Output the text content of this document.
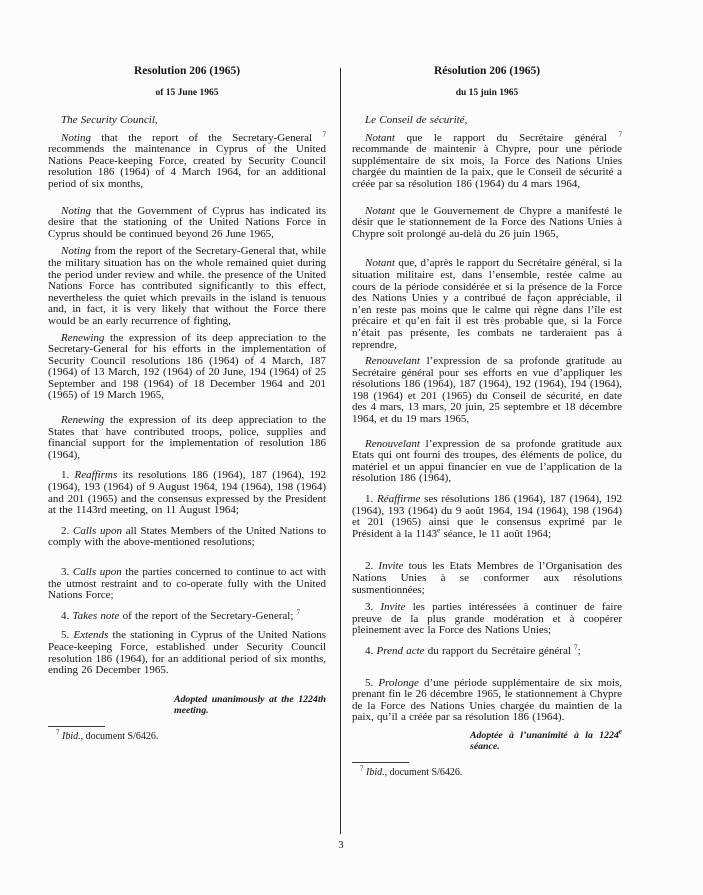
Resolution 206 (1965)
of 15 June 1965

The Security Council,

Noting that the report of the Secretary-General $^7$ recommends the maintenance in Cyprus of the United Nations Peace-keeping Force, created by Security Council resolution 186 (1964) of 4 March 1964, for an additional period of six months,

Noting that the Government of Cyprus has indicated its desire that the stationing of the United Nations Force in Cyprus should be continued beyond 26 June 1965,

Noting from the report of the Secretary-General that, while the military situation has on the whole remained quiet during the period under review and while. the presence of the United Nations Force has contributed significantly to this effect, nevertheless the quiet which prevails in the island is tenuous and, in fact, it is very likely that without the Force there would be an early recurrence of fighting,

Renewing the expression of its deep appreciation to the Secretary-General for his efforts in the implementation of Security Council resolutions 186 (1964) of 4 March, 187 (1964) of 13 March, 192 (1964) of 20 June, 194 (1964) of 25 September and 198 (1964) of 18 December 1964 and 201 (1965) of 19 March 1965,

Renewing the expression of its deep appreciation to the States that have contributed troops, police, supplies and financial support for the implementation of resolution 186 (1964),

1. Reaffirms its resolutions 186 (1964), 187 (1964), 192 (1964), 193 (1964) of 9 August 1964, 194 (1964), 198 (1964) and 201 (1965) and the consensus expressed by the President at the 1143rd meeting, on 11 August 1964;

2. Calls upon all States Members of the United Nations to comply with the above-mentioned resolutions;

3. Calls upon the parties concerned to continue to act with the utmost restraint and to co-operate fully with the United Nations Force;

4. Takes note of the report of the Secretary-General; $^7$

5. Extends the stationing in Cyprus of the United Nations Peace-keeping Force, established under Security Council resolution 186 (1964), for an additional period of six months, ending 26 December 1965.

Adopted unanimously at the 1224th meeting.
$^7$ Ibid., document S/6426.
Résolution 206 (1965)
du 15 juin 1965

Le Conseil de sécurité,

Notant que le rapport du Secrétaire général $^7$ recommande de maintenir à Chypre, pour une période supplémentaire de six mois, la Force des Nations Unies chargée du maintien de la paix, que le Conseil de sécurité a créée par sa résolution 186 (1964) du 4 mars 1964,

Notant que le Gouvernement de Chypre a manifesté le désir que le stationnement de la Force des Nations Unies à Chypre soit prolongé au-delà du 26 juin 1965,

Notant que, d’après le rapport du Secrétaire général, si la situation militaire est, dans l’ensemble, restée calme au cours de la période considérée et si la présence de la Force des Nations Unies y a contribué de façon appréciable, il n’en reste pas moins que le calme qui règne dans l’île est précaire et qu’en fait il est très probable que, si la Force n’était pas présente, les combats ne tarderaient pas à reprendre,

Renouvelant l’expression de sa profonde gratitude au Secrétaire général pour ses efforts en vue d’appliquer les résolutions 186 (1964), 187 (1964), 192 (1964), 194 (1964), 198 (1964) et 201 (1965) du Conseil de sécurité, en date des 4 mars, 13 mars, 20 juin, 25 septembre et 18 décembre 1964, et du 19 mars 1965,

Renouvelant l’expression de sa profonde gratitude aux Etats qui ont fourni des troupes, des éléments de police, du matériel et un appui financier en vue de l’application de la résolution 186 (1964),

1. Réaffirme ses résolutions 186 (1964), 187 (1964), 192 (1964), 193 (1964) du 9 août 1964, 194 (1964), 198 (1964) et 201 (1965) ainsi que le consensus exprimé par le Président à la 1143e séance, le 11 août 1964;

2. Invite tous les Etats Membres de l’Organisation des Nations Unies à se conformer aux résolutions susmentionnées;

3. Invite les parties intéressées à continuer de faire preuve de la plus grande modération et à coopérer pleinement avec la Force des Nations Unies;

4. Prend acte du rapport du Secrétaire général $^7$;

5. Prolonge d’une période supplémentaire de six mois, prenant fin le 26 décembre 1965, le stationnement à Chypre de la Force des Nations Unies chargée du maintien de la paix, qu’il a créée par sa résolution 186 (1964).

Adoptée à l’unanimité à la 1224e séance.
$^7$ Ibid., document S/6426.
3
